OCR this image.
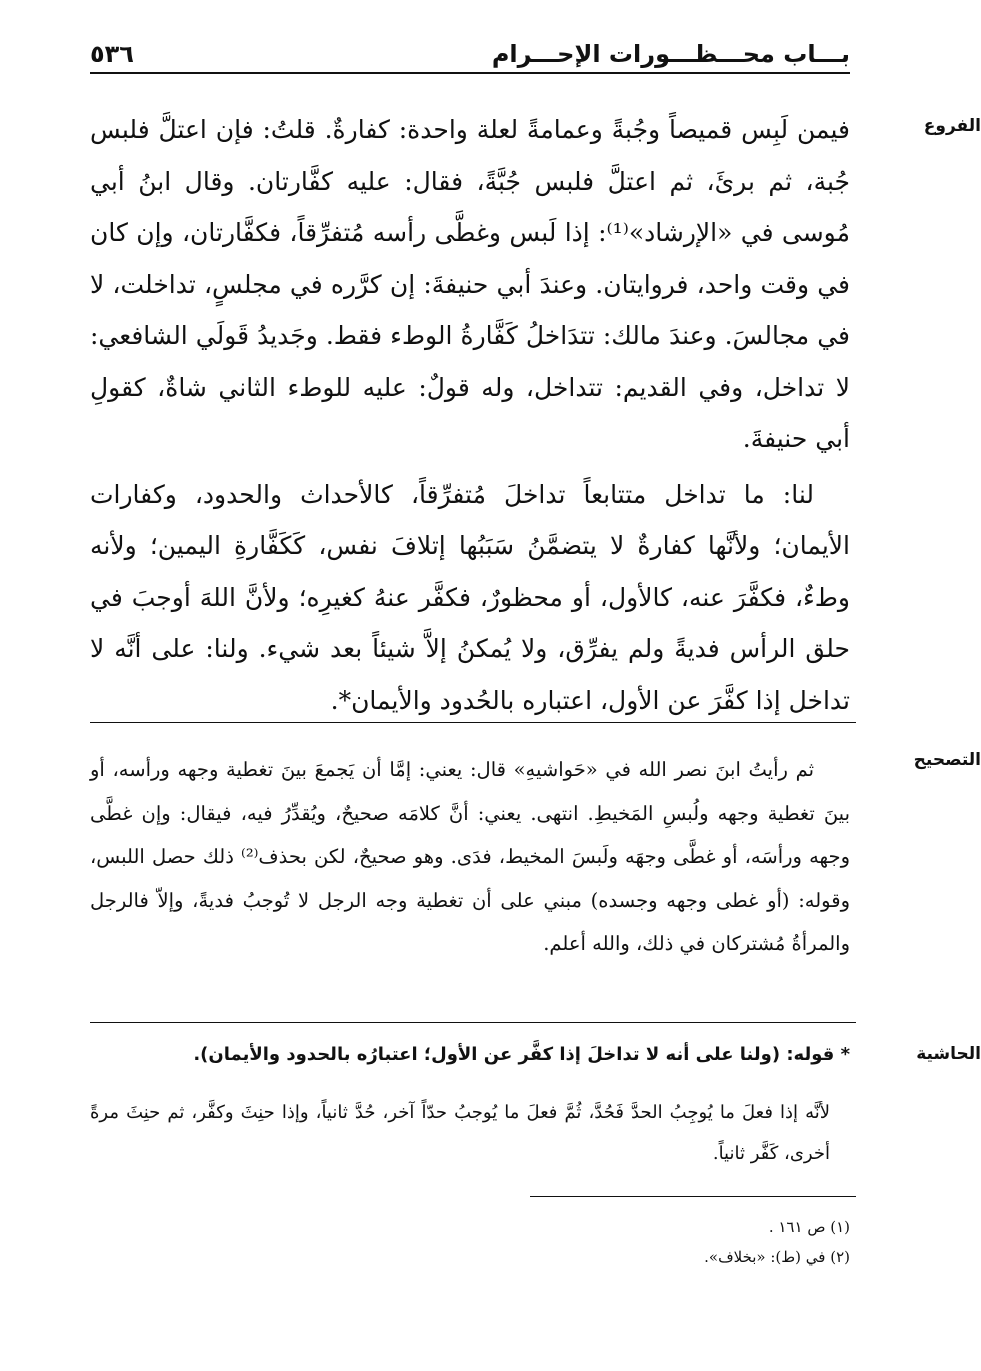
بـــاب محـــظـــورات الإحـــرام
٥٣٦
الفروع

فيمن لَبِس قميصاً وجُبةً وعمامةً لعلة واحدة: كفارةٌ. قلتُ: فإن اعتلَّ فلبس جُبة، ثم برئَ، ثم اعتلَّ فلبس جُبَّةً، فقال: عليه كفَّارتان. وقال ابنُ أبي مُوسى في «الإرشاد»⁽¹⁾: إذا لَبس وغطَّى رأسه مُتفرِّقاً، فكفَّارتان، وإن كان في وقت واحد، فروايتان. وعندَ أبي حنيفةَ: إن كرَّره في مجلسٍ، تداخلت، لا في مجالسَ. وعندَ مالك: تتدَاخلُ كَفَّارةُ الوطء فقط. وجَديدُ قَولَي الشافعي: لا تداخل، وفي القديم: تتداخل، وله قولٌ: عليه للوطء الثاني شاةٌ، كقولِ أبي حنيفةَ.

لنا: ما تداخل متتابعاً تداخلَ مُتفرِّقاً، كالأحداث والحدود، وكفارات الأيمان؛ ولأنَّها كفارةٌ لا يتضمَّنُ سَبَبُها إتلافَ نفس، كَكَفَّارةِ اليمين؛ ولأنه وطءٌ، فكفَّرَ عنه، كالأول، أو محظورٌ، فكفَّر عنهُ كغيرِه؛ ولأنَّ اللهَ أوجبَ في حلق الرأس فديةً ولم يفرِّق، ولا يُمكنُ إلاَّ شيئاً بعد شيء. ولنا: على أنَّه لا تداخل إذا كفَّرَ عن الأول، اعتباره بالحُدود والأيمان*.

التصحيح

ثم رأيتُ ابنَ نصر الله في «حَواشيهِ» قال: يعني: إمَّا أن يَجمعَ بينَ تغطية وجهه ورأسه، أو بينَ تغطية وجهه ولُبسِ المَخيطِ. انتهى. يعني: أنَّ كلامَه صحيحٌ، ويُقدِّرُ فيه، فيقال: وإن غطَّى وجهه ورأسَه، أو غطَّى وجهَه ولَبسَ المخيط، فدَى. وهو صحيحٌ، لكن بحذف⁽²⁾ ذلك حصل اللبس، وقوله: (أو غطى وجهه وجسده) مبني على أن تغطية وجه الرجل لا تُوجبُ فديةً، وإلاّ فالرجل والمرأةُ مُشتركان في ذلك، والله أعلم.

الحاشية
* قوله: (ولنا على أنه لا تداخلَ إذا كفَّر عن الأول؛ اعتبارُه بالحدود والأيمان).

لأنَّه إذا فعلَ ما يُوجِبُ الحدَّ فَحُدَّ، ثُمَّ فعلَ ما يُوجبُ حدّاً آخر، حُدَّ ثانياً، وإذا حنِثَ وكفَّر، ثم حنِثَ مرةً أخرى، كَفَّر ثانياً.

(١) ص ١٦١ .
(٢) في (ط): «بخلاف».
